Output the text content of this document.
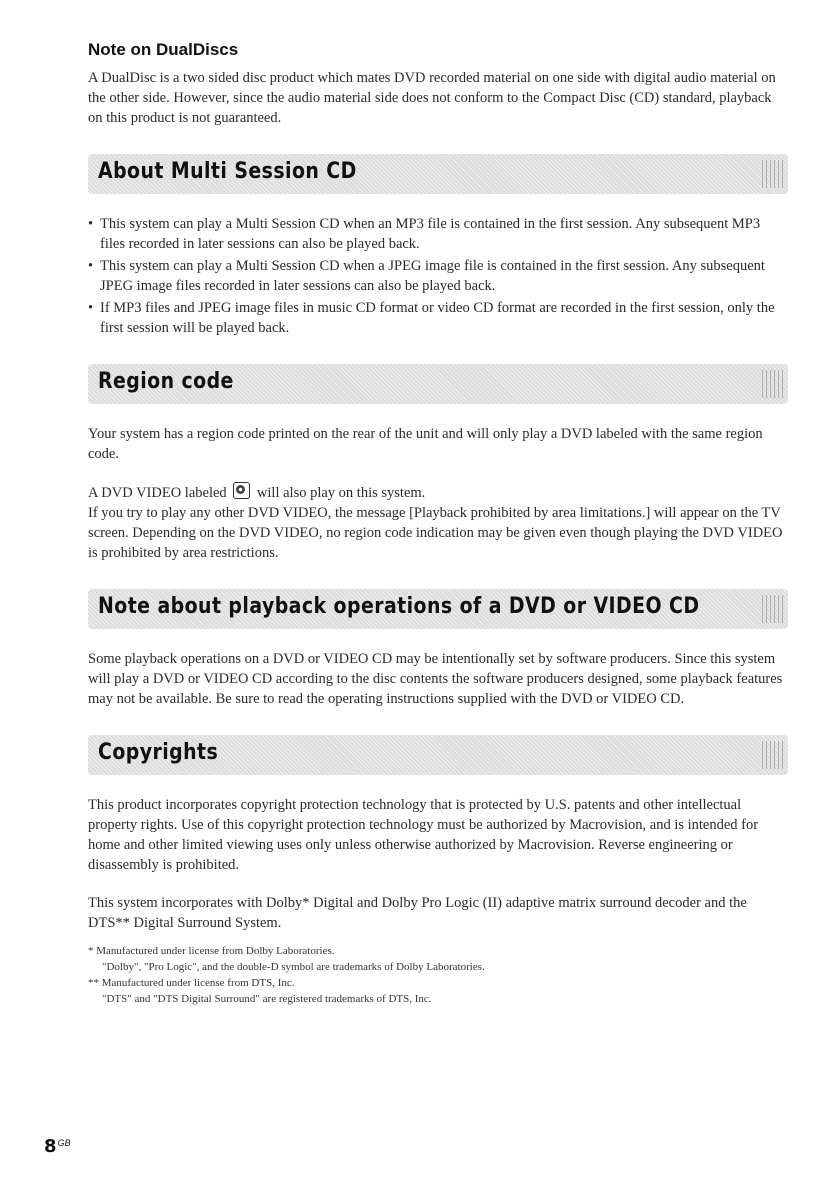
Note on DualDiscs

A DualDisc is a two sided disc product which mates DVD recorded material on one side with digital audio material on the other side. However, since the audio material side does not conform to the Compact Disc (CD) standard, playback on this product is not guaranteed.

About Multi Session CD
• This system can play a Multi Session CD when an MP3 file is contained in the first session. Any subsequent MP3 files recorded in later sessions can also be played back.
• This system can play a Multi Session CD when a JPEG image file is contained in the first session. Any subsequent JPEG image files recorded in later sessions can also be played back.
• If MP3 files and JPEG image files in music CD format or video CD format are recorded in the first session, only the first session will be played back.
Region code

Your system has a region code printed on the rear of the unit and will only play a DVD labeled with the same region code.

A DVD VIDEO labeled will also play on this system.

If you try to play any other DVD VIDEO, the message [Playback prohibited by area limitations.] will appear on the TV screen. Depending on the DVD VIDEO, no region code indication may be given even though playing the DVD VIDEO is prohibited by area restrictions.

Note about playback operations of a DVD or VIDEO CD

Some playback operations on a DVD or VIDEO CD may be intentionally set by software producers. Since this system will play a DVD or VIDEO CD according to the disc contents the software producers designed, some playback features may not be available. Be sure to read the operating instructions supplied with the DVD or VIDEO CD.

Copyrights

This product incorporates copyright protection technology that is protected by U.S. patents and other intellectual property rights. Use of this copyright protection technology must be authorized by Macrovision, and is intended for home and other limited viewing uses only unless otherwise authorized by Macrovision. Reverse engineering or disassembly is prohibited.

This system incorporates with Dolby* Digital and Dolby Pro Logic (II) adaptive matrix surround decoder and the DTS** Digital Surround System.

* Manufactured under license from Dolby Laboratories.

"Dolby", "Pro Logic", and the double-D symbol are trademarks of Dolby Laboratories.

** Manufactured under license from DTS, Inc.

"DTS" and "DTS Digital Surround" are registered trademarks of DTS, Inc.

$8_{GB}$
